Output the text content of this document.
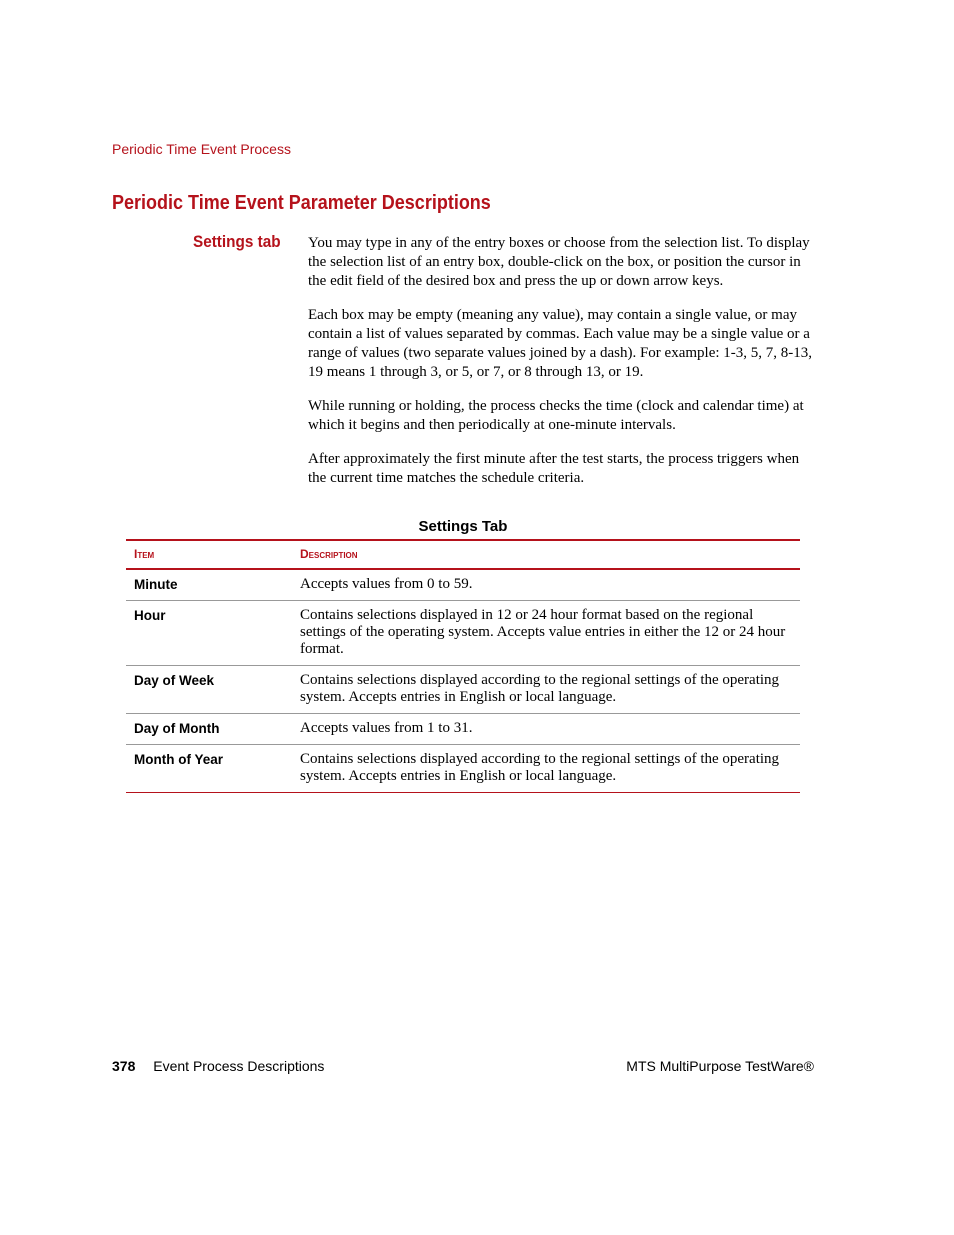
Periodic Time Event Process
Periodic Time Event Parameter Descriptions
Settings tab You may type in any of the entry boxes or choose from the selection list. To display the selection list of an entry box, double-click on the box, or position the cursor in the edit field of the desired box and press the up or down arrow keys.

Each box may be empty (meaning any value), may contain a single value, or may contain a list of values separated by commas. Each value may be a single value or a range of values (two separate values joined by a dash). For example: 1-3, 5, 7, 8-13, 19 means 1 through 3, or 5, or 7, or 8 through 13, or 19.

While running or holding, the process checks the time (clock and calendar time) at which it begins and then periodically at one-minute intervals.

After approximately the first minute after the test starts, the process triggers when the current time matches the schedule criteria.

Settings Tab
Item	Description
Minute	Accepts values from 0 to 59.
Hour	Contains selections displayed in 12 or 24 hour format based on the regional settings of the operating system. Accepts value entries in either the 12 or 24 hour format.
Day of Week	Contains selections displayed according to the regional settings of the operating system. Accepts entries in English or local language.
Day of Month	Accepts values from 1 to 31.
Month of Year	Contains selections displayed according to the regional settings of the operating system. Accepts entries in English or local language.
378 Event Process Descriptions	MTS MultiPurpose TestWare®
